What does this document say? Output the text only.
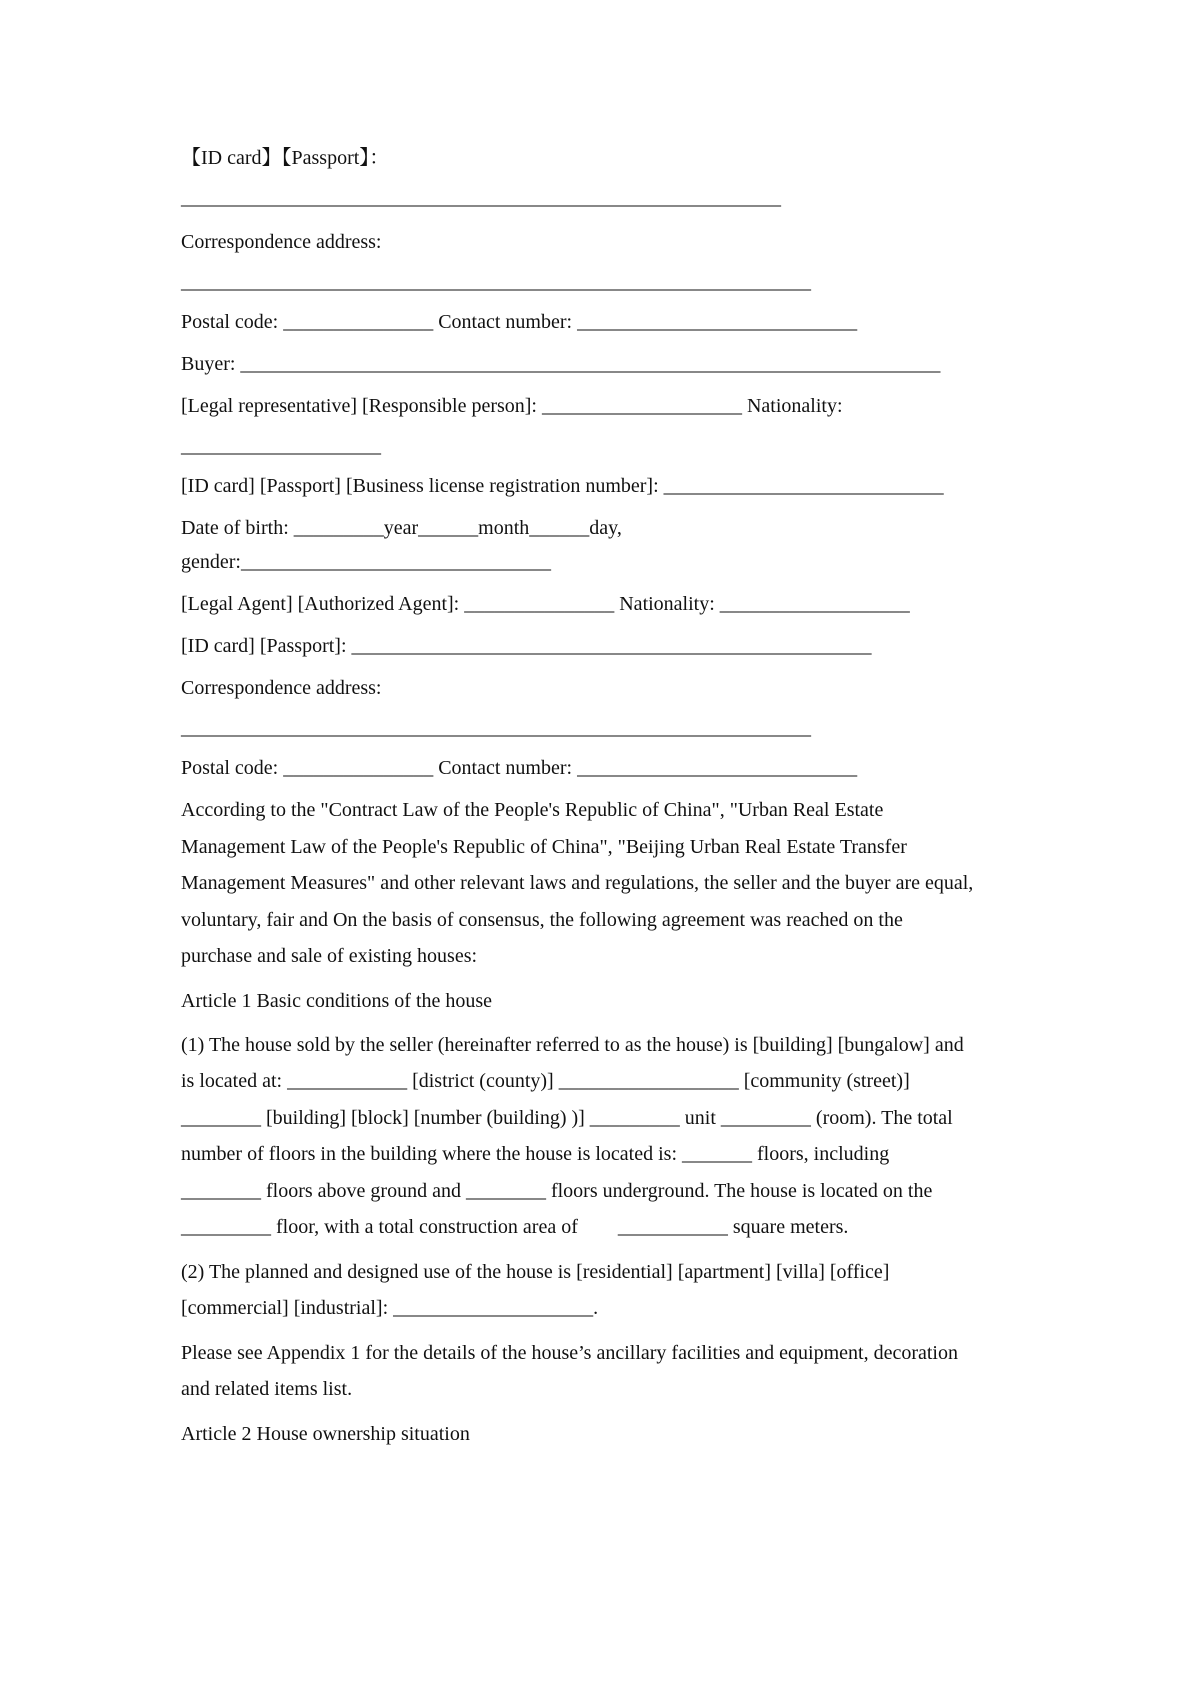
【ID card】【Passport】：
____________________________________________________________
Correspondence address:
_______________________________________________________________
Postal code: _______________ Contact number: ____________________________
Buyer: ______________________________________________________________________
[Legal representative] [Responsible person]: ____________________ Nationality:
____________________
[ID card] [Passport] [Business license registration number]: ____________________________
Date of birth: _________year______month______day,
gender:_______________________________
[Legal Agent] [Authorized Agent]: _______________ Nationality: ___________________
[ID card] [Passport]: ____________________________________________________
Correspondence address:
_______________________________________________________________
Postal code: _______________ Contact number: ____________________________
According to the "Contract Law of the People's Republic of China", "Urban Real Estate
Management Law of the People's Republic of China", "Beijing Urban Real Estate Transfer
Management Measures" and other relevant laws and regulations, the seller and the buyer are equal,
voluntary, fair and On the basis of consensus, the following agreement was reached on the
purchase and sale of existing houses:
Article 1 Basic conditions of the house
(1) The house sold by the seller (hereinafter referred to as the house) is [building] [bungalow] and
is located at: ____________ [district (county)] __________________ [community (street)]
________ [building] [block] [number (building) )] _________ unit _________ (room). The total
number of floors in the building where the house is located is: _______ floors, including
________ floors above ground and ________ floors underground. The house is located on the
_________ floor, with a total construction area of        ___________ square meters.
(2) The planned and designed use of the house is [residential] [apartment] [villa] [office]
[commercial] [industrial]: ____________________.
Please see Appendix 1 for the details of the house’s ancillary facilities and equipment, decoration
and related items list.
Article 2 House ownership situation
